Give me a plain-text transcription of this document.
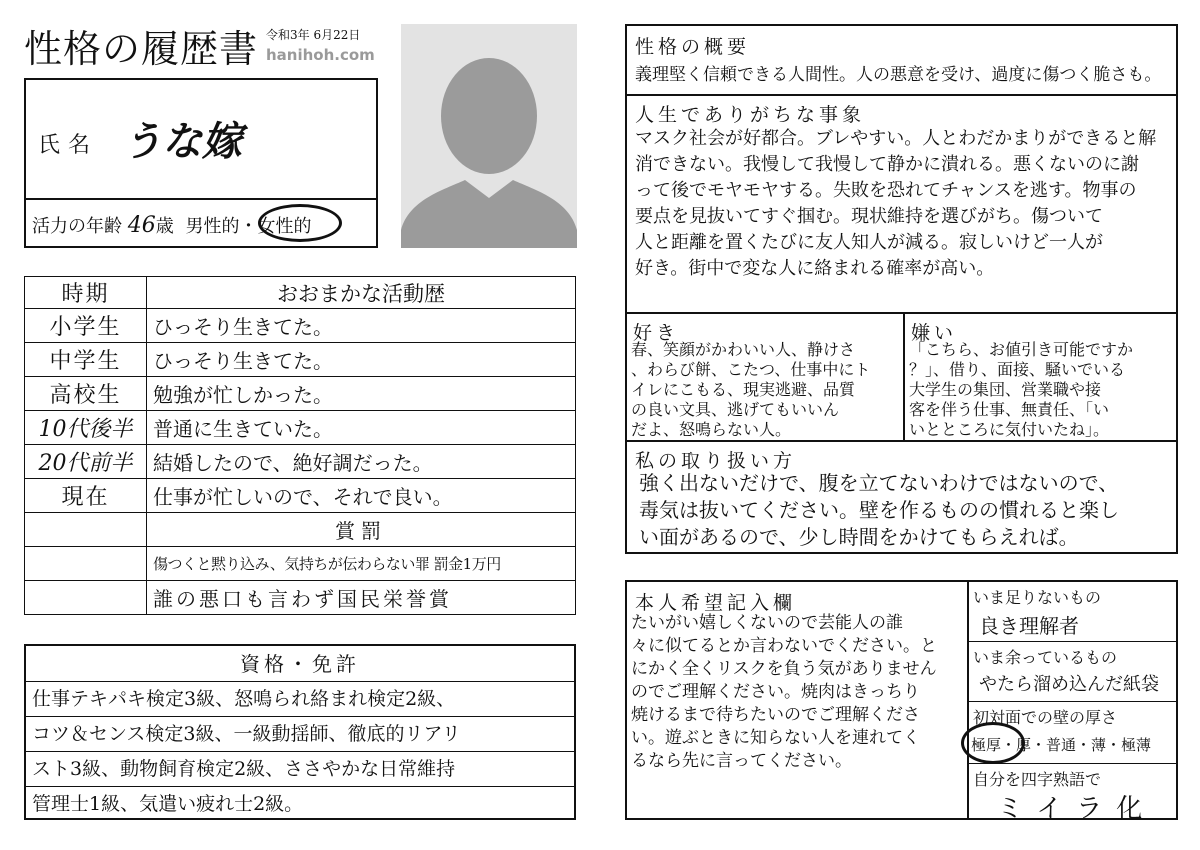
性格の履歴書 令和3年 6月22日
hanihoh.com
氏名 うな嫁
活力の年齢 46歳 男性的・女性的
時期	おおまかな活動歴
小学生	ひっそり生きてた。
中学生	ひっそり生きてた。
高校生	勉強が忙しかった。
10代後半	普通に生きていた。
20代前半	結婚したので、絶好調だった。
現在	仕事が忙しいので、それで良い。
	賞罰
	傷つくと黙り込み、気持ちが伝わらない罪 罰金1万円
	誰の悪口も言わず国民栄誉賞
資格・免許
仕事テキパキ検定3級、怒鳴られ絡まれ検定2級、
コツ＆センス検定3級、一級動揺師、徹底的リアリ
スト3級、動物飼育検定2級、ささやかな日常維持
管理士1級、気遣い疲れ士2級。
性格の概要
義理堅く信頼できる人間性。人の悪意を受け、過度に傷つく脆さも。
人生でありがちな事象
マスク社会が好都合。ブレやすい。人とわだかまりができると解
消できない。我慢して我慢して静かに潰れる。悪くないのに謝
って後でモヤモヤする。失敗を恐れてチャンスを逃す。物事の
要点を見抜いてすぐ掴む。現状維持を選びがち。傷ついて
人と距離を置くたびに友人知人が減る。寂しいけど一人が
好き。街中で変な人に絡まれる確率が高い。
好き
春、笑顔がかわいい人、静けさ
、わらび餅、こたつ、仕事中にト
イレにこもる、現実逃避、品質
の良い文具、逃げてもいいん
だよ、怒鳴らない人。
嫌い
「こちら、お値引き可能ですか
？」、借り、面接、騒いでいる
大学生の集団、営業職や接
客を伴う仕事、無責任、「い
いとところに気付いたね」。
私の取り扱い方
強く出ないだけで、腹を立てないわけではないので、
毒気は抜いてください。壁を作るものの慣れると楽し
い面があるので、少し時間をかけてもらえれば。
本人希望記入欄
たいがい嬉しくないので芸能人の誰
々に似てるとか言わないでください。と
にかく全くリスクを負う気がありません
のでご理解ください。焼肉はきっちり
焼けるまで待ちたいのでご理解くださ
い。遊ぶときに知らない人を連れてく
るなら先に言ってください。
いま足りないもの
良き理解者
いま余っているもの
やたら溜め込んだ紙袋
初対面での壁の厚さ
極厚・厚・普通・薄・極薄
自分を四字熟語で
ミイラ化
